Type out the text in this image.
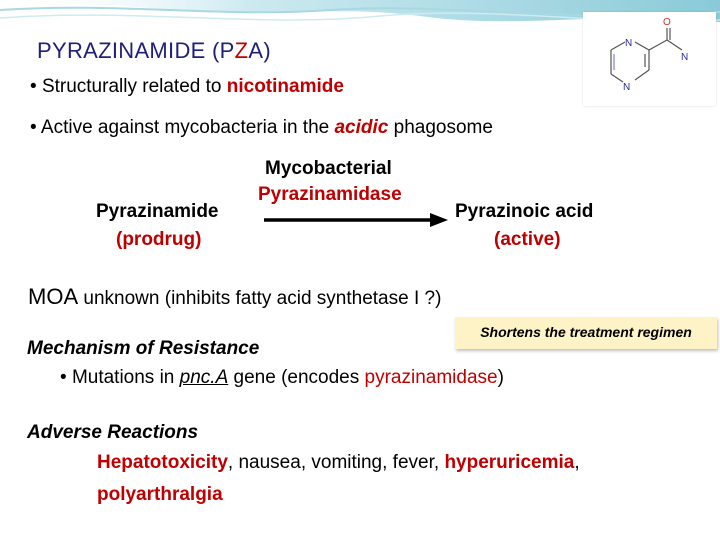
PYRAZINAMIDE (PZA)	N
N
O
N
• Structurally related to nicotinamide
• Active against mycobacteria in the acidic phagosome
Mycobacterial
Pyrazinamidase
Pyrazinamide
(prodrug)
Pyrazinoic acid
(active)
MOA unknown (inhibits fatty acid synthetase I ?)
Shortens the treatment regimen
Mechanism of Resistance
• Mutations in pnc.A gene (encodes pyrazinamidase)
Adverse Reactions
Hepatotoxicity, nausea, vomiting, fever, hyperuricemia,
polyarthralgia
